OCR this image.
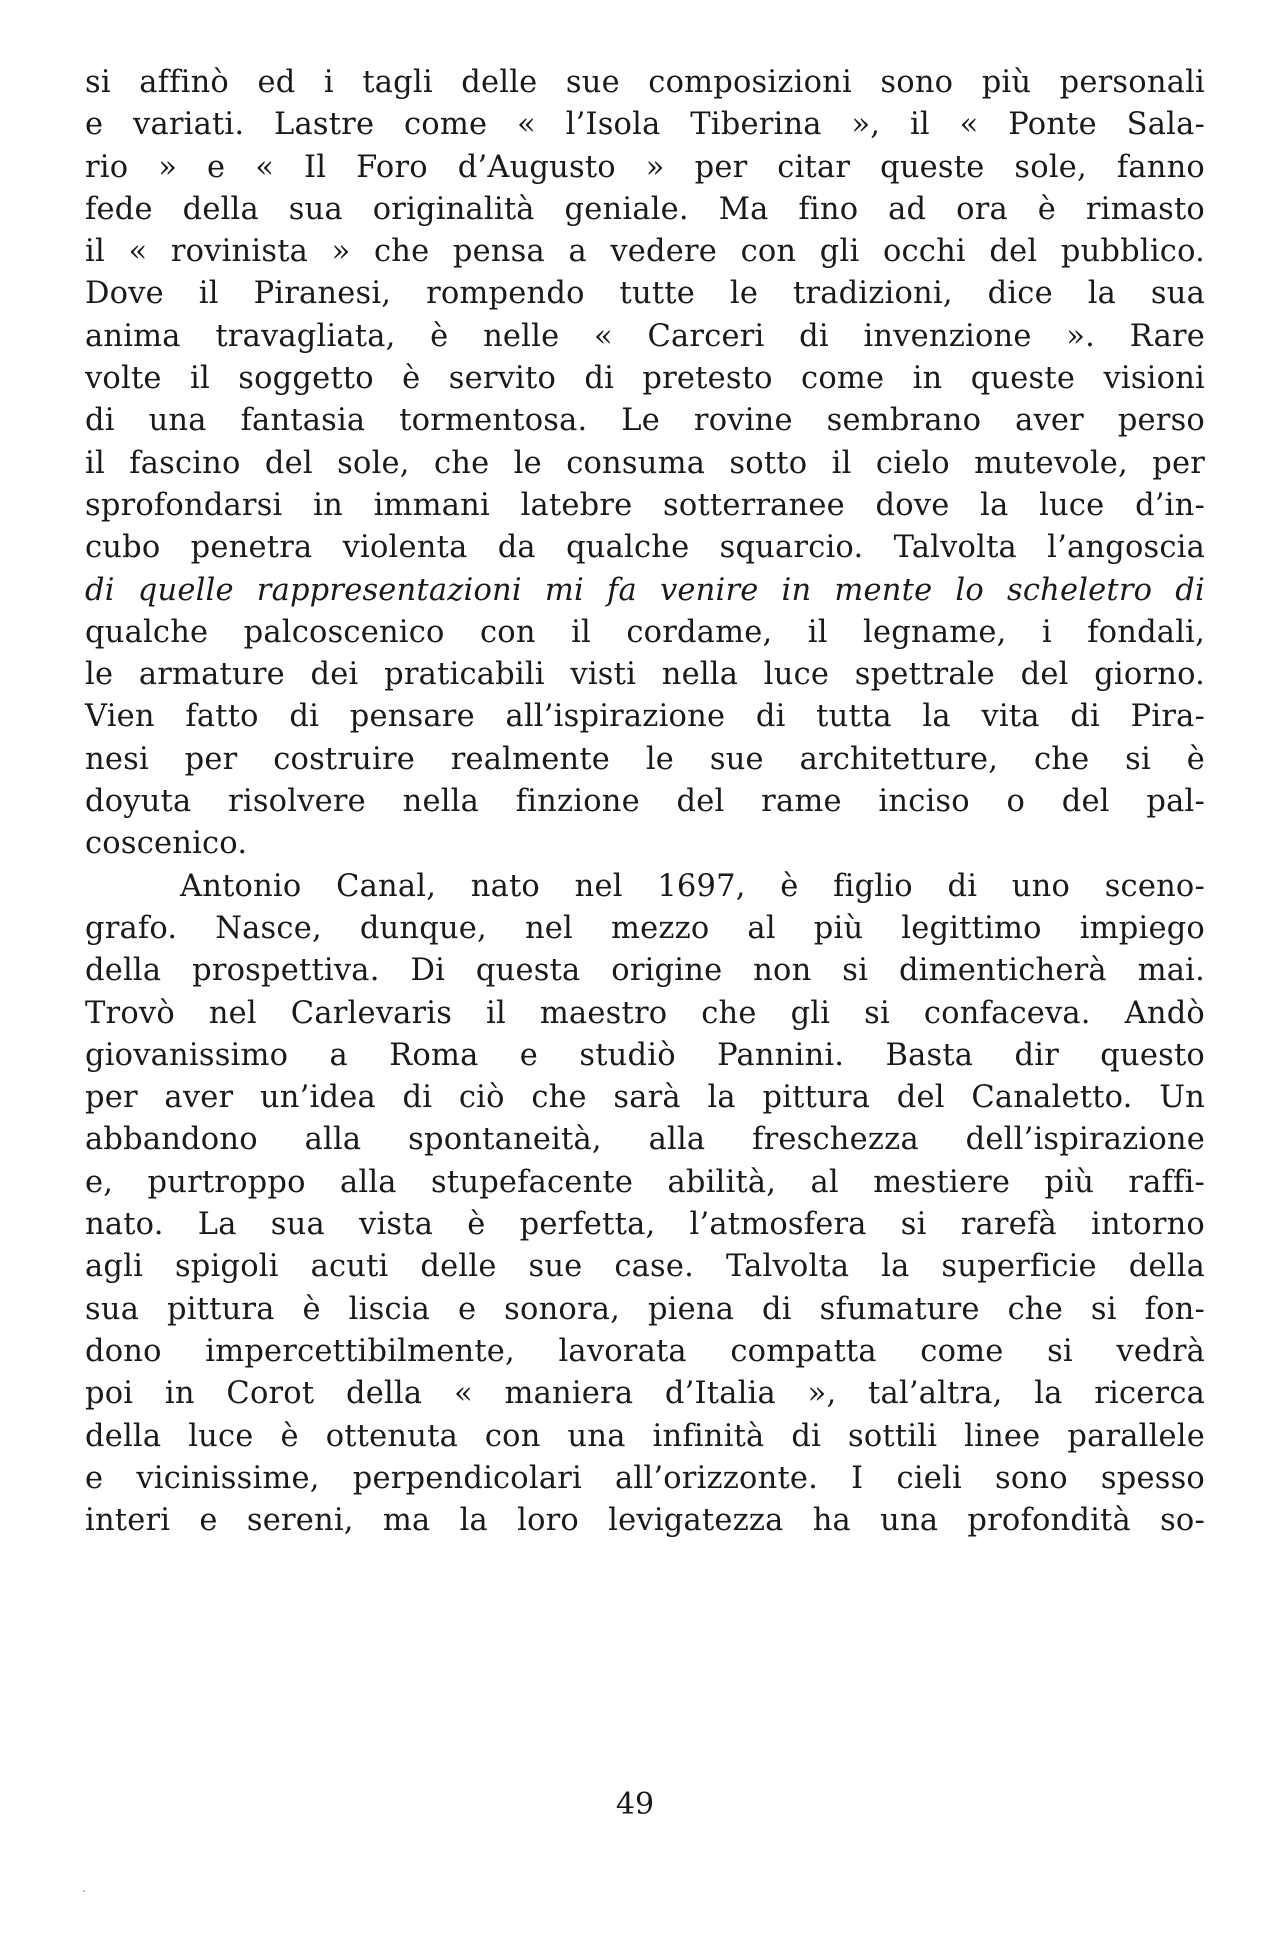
si affinò ed i tagli delle sue composizioni sono più personali
e variati. Lastre come « l’Isola Tiberina », il « Ponte Sala-
rio » e « Il Foro d’Augusto » per citar queste sole, fanno
fede della sua originalità geniale. Ma fino ad ora è rimasto
il « rovinista » che pensa a vedere con gli occhi del pubblico.
Dove il Piranesi, rompendo tutte le tradizioni, dice la sua
anima travagliata, è nelle « Carceri di invenzione ». Rare
volte il soggetto è servito di pretesto come in queste visioni
di una fantasia tormentosa. Le rovine sembrano aver perso
il fascino del sole, che le consuma sotto il cielo mutevole, per
sprofondarsi in immani latebre sotterranee dove la luce d’in-
cubo penetra violenta da qualche squarcio. Talvolta l’angoscia
di quelle rappresentazioni mi fa venire in mente lo scheletro di
qualche palcoscenico con il cordame, il legname, i fondali,
le armature dei praticabili visti nella luce spettrale del giorno.
Vien fatto di pensare all’ispirazione di tutta la vita di Pira-
nesi per costruire realmente le sue architetture, che si è
doyuta risolvere nella finzione del rame inciso o del pal-
coscenico.
Antonio Canal, nato nel 1697, è figlio di uno sceno-
grafo. Nasce, dunque, nel mezzo al più legittimo impiego
della prospettiva. Di questa origine non si dimenticherà mai.
Trovò nel Carlevaris il maestro che gli si confaceva. Andò
giovanissimo a Roma e studiò Pannini. Basta dir questo
per aver un’idea di ciò che sarà la pittura del Canaletto. Un
abbandono alla spontaneità, alla freschezza dell’ispirazione
e, purtroppo alla stupefacente abilità, al mestiere più raffi-
nato. La sua vista è perfetta, l’atmosfera si rarefà intorno
agli spigoli acuti delle sue case. Talvolta la superficie della
sua pittura è liscia e sonora, piena di sfumature che si fon-
dono impercettibilmente, lavorata compatta come si vedrà
poi in Corot della « maniera d’Italia », tal’altra, la ricerca
della luce è ottenuta con una infinità di sottili linee parallele
e vicinissime, perpendicolari all’orizzonte. I cieli sono spesso
interi e sereni, ma la loro levigatezza ha una profondità so-
49
